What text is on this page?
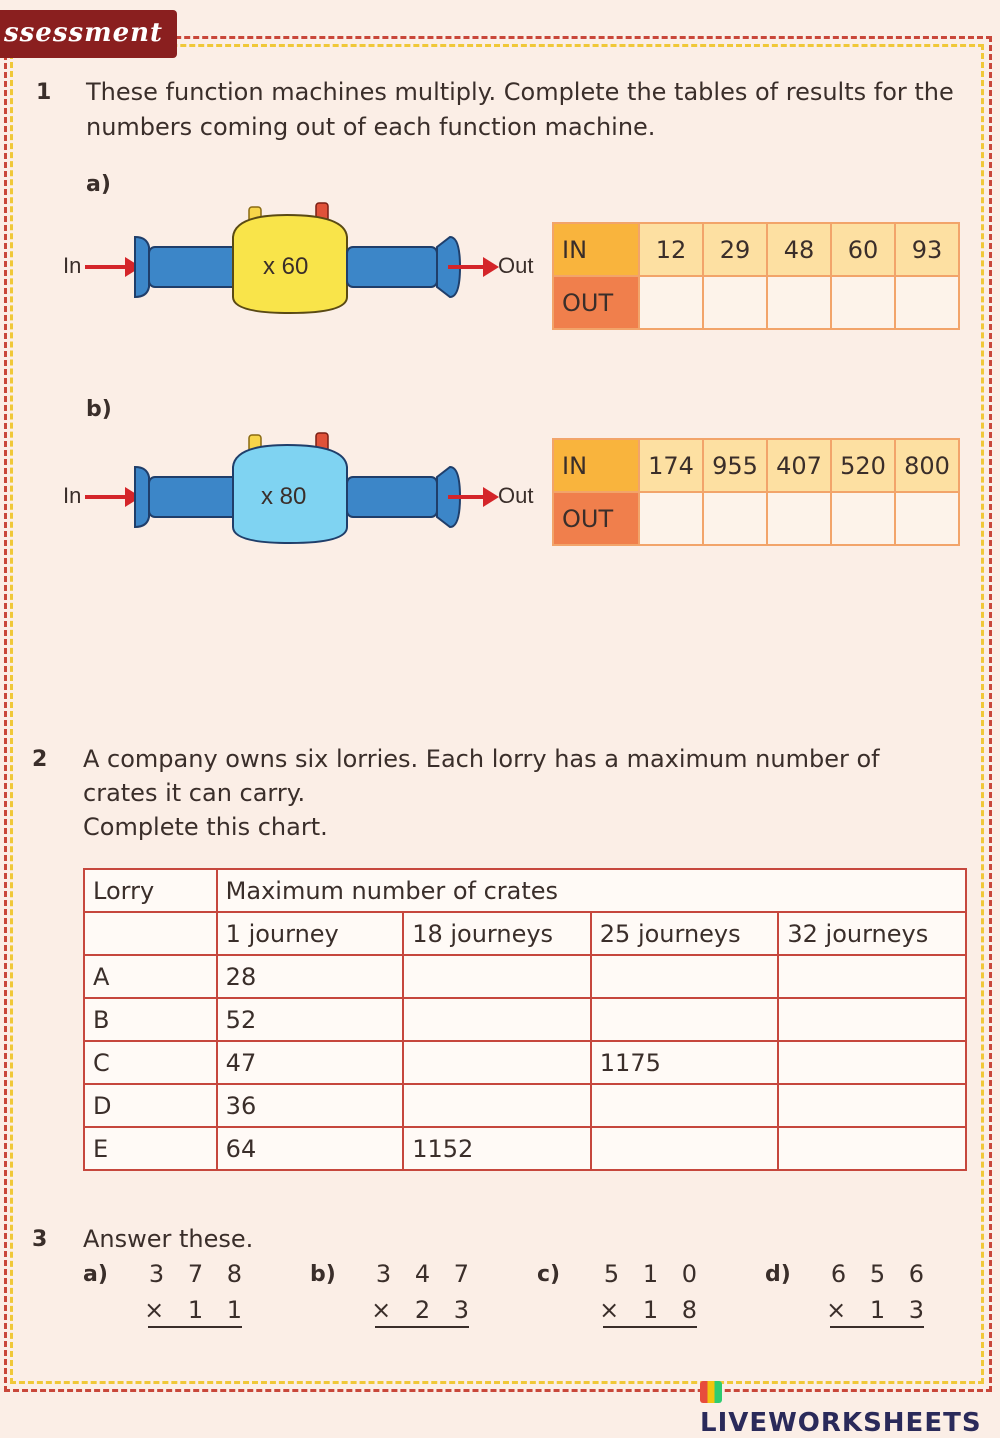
ssessment
1 These function machines multiply. Complete the tables of results for the
numbers coming out of each function machine.
a)
In	x 60	Out
IN	12	29	48	60	93
OUT					
b)
In	x 80	Out
IN	174	955	407	520	800
OUT					
2 A company owns six lorries. Each lorry has a maximum number of
crates it can carry.
Complete this chart.
Lorry	Maximum number of crates			
	1 journey	18 journeys	25 journeys	32 journeys
A	28			
B	52			
C	47		1175	
D	36			
E	64	1152		
3 Answer these.
a)	3 7 8
× 1 1
b)	3 4 7
× 2 3
c)	5 1 0
× 1 8
d)	6 5 6
× 1 3
LIVEWORKSHEETS
